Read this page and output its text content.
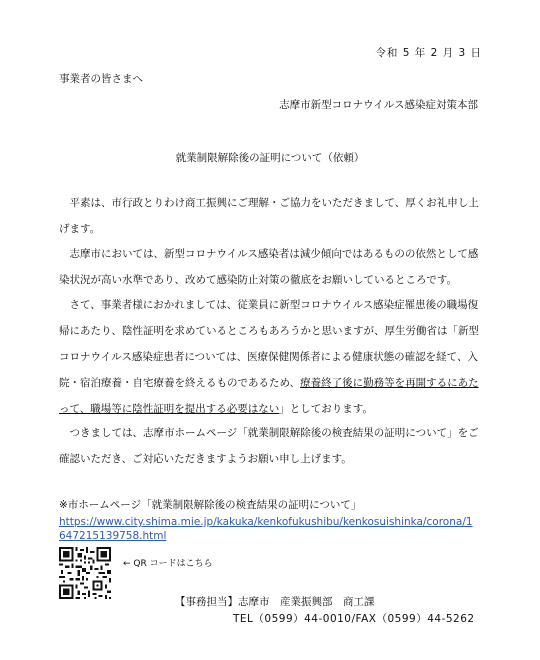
令和 5 年 2 月 3 日
事業者の皆さまへ
志摩市新型コロナウイルス感染症対策本部
就業制限解除後の証明について（依頼）

平素は、市行政とりわけ商工振興にご理解・ご協力をいただきまして、厚くお礼申し上げます。

志摩市においては、新型コロナウイルス感染者は減少傾向ではあるものの依然として感染状況が高い水準であり、改めて感染防止対策の徹底をお願いしているところです。

さて、事業者様におかれましては、従業員に新型コロナウイルス感染症罹患後の職場復帰にあたり、陰性証明を求めているところもあろうかと思いますが、厚生労働省は「新型コロナウイルス感染症患者については、医療保健関係者による健康状態の確認を経て、入院・宿泊療養・自宅療養を終えるものであるため、療養終了後に勤務等を再開するにあたって、職場等に陰性証明を提出する必要はない」としております。

つきましては、志摩市ホームページ「就業制限解除後の検査結果の証明について」をご確認いただき、ご対応いただきますようお願い申し上げます。

※市ホームページ「就業制限解除後の検査結果の証明について」
https://www.city.shima.mie.jp/kakuka/kenkofukushibu/kenkosuishinka/corona/1647215139758.html
← QR コードはこちら
【事務担当】志摩市　産業振興部　商工課
TEL（0599）44-0010/FAX（0599）44-5262
